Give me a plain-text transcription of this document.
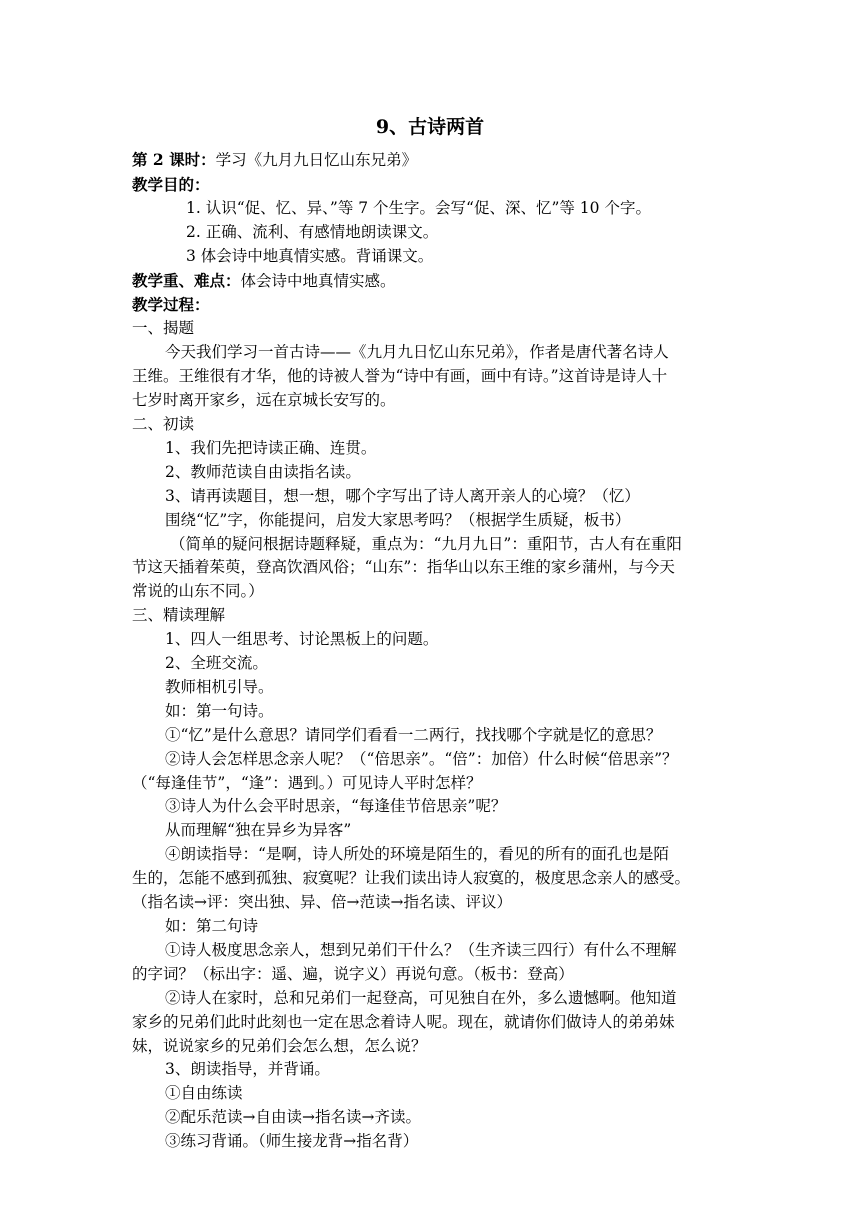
9、古诗两首
第 2 课时：学习《九月九日忆山东兄弟》
教学目的：
1. 认识“促、忆、异、”等 7 个生字。会写“促、深、忆”等 10 个字。
2. 正确、流利、有感情地朗读课文。
3 体会诗中地真情实感。背诵课文。
教学重、难点：体会诗中地真情实感。
教学过程：
一、揭题
今天我们学习一首古诗——《九月九日忆山东兄弟》，作者是唐代著名诗人
王维。王维很有才华，他的诗被人誉为“诗中有画，画中有诗。”这首诗是诗人十
七岁时离开家乡，远在京城长安写的。
二、初读
1、我们先把诗读正确、连贯。
2、教师范读自由读指名读。
3、请再读题目，想一想，哪个字写出了诗人离开亲人的心境？（忆）
围绕“忆”字，你能提问，启发大家思考吗？（根据学生质疑，板书）
（简单的疑问根据诗题释疑，重点为：“九月九日”：重阳节，古人有在重阳
节这天插着茱萸，登高饮酒风俗；“山东”：指华山以东王维的家乡蒲州，与今天
常说的山东不同。）
三、精读理解
1、四人一组思考、讨论黑板上的问题。
2、全班交流。
教师相机引导。
如：第一句诗。
①“忆”是什么意思？请同学们看看一二两行，找找哪个字就是忆的意思？
②诗人会怎样思念亲人呢？（“倍思亲”。“倍”：加倍）什么时候“倍思亲”？
（“每逢佳节”，“逢”：遇到。）可见诗人平时怎样？
③诗人为什么会平时思亲，“每逢佳节倍思亲”呢？
从而理解“独在异乡为异客”
④朗读指导：“是啊，诗人所处的环境是陌生的，看见的所有的面孔也是陌
生的，怎能不感到孤独、寂寞呢？让我们读出诗人寂寞的，极度思念亲人的感受。
（指名读→评：突出独、异、倍→范读→指名读、评议）
如：第二句诗
①诗人极度思念亲人，想到兄弟们干什么？（生齐读三四行）有什么不理解
的字词？（标出字：遥、遍，说字义）再说句意。（板书：登高）
②诗人在家时，总和兄弟们一起登高，可见独自在外，多么遗憾啊。他知道
家乡的兄弟们此时此刻也一定在思念着诗人呢。现在，就请你们做诗人的弟弟妹
妹，说说家乡的兄弟们会怎么想，怎么说？
3、朗读指导，并背诵。
①自由练读
②配乐范读→自由读→指名读→齐读。
③练习背诵。（师生接龙背→指名背）
